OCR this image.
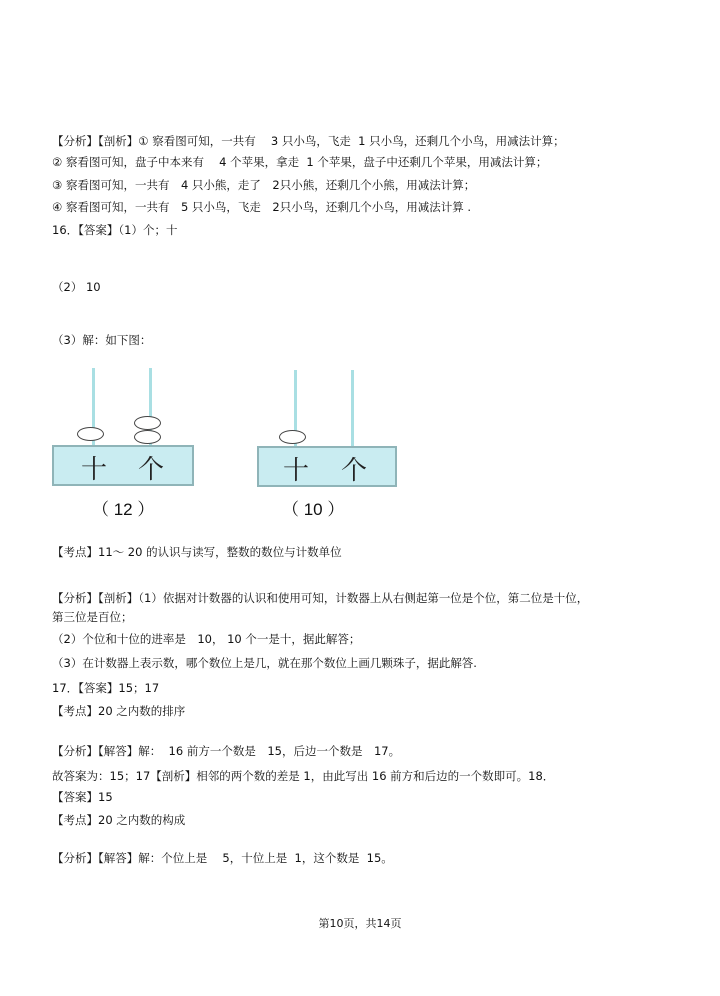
【分析】【剖析】① 察看图可知，一共有　 3 只小鸟，飞走  1 只小鸟，还剩几个小鸟，用减法计算；
② 察看图可知，盘子中本来有　 4 个苹果，拿走  1 个苹果，盘子中还剩几个苹果，用减法计算；
③ 察看图可知，一共有　4 只小熊，走了　2只小熊，还剩几个小熊，用减法计算；
④ 察看图可知，一共有　5 只小鸟，飞走　2只小鸟，还剩几个小鸟，用减法计算 .
16．【答案】（1）个；十
（2） 10
（3）解：如下图：
十 个
（ 12 ）
十 个
（ 10 ）
【考点】11～ 20 的认识与读写，整数的数位与计数单位
【分析】【剖析】（1）依据对计数器的认识和使用可知，计数器上从右侧起第一位是个位，第二位是十位，
第三位是百位；
（2）个位和十位的进率是　10， 10 个一是十，据此解答；
（3）在计数器上表示数，哪个数位上是几，就在那个数位上画几颗珠子，据此解答.
17．【答案】15；17
【考点】20 之内数的排序
【分析】【解答】解：  16 前方一个数是　15，后边一个数是　17。
故答案为：15；17【剖析】相邻的两个数的差是 1，由此写出 16 前方和后边的一个数即可。18．
【答案】15
【考点】20 之内数的构成
【分析】【解答】解：个位上是　 5，十位上是  1，这个数是  15。
第10页，共14页
